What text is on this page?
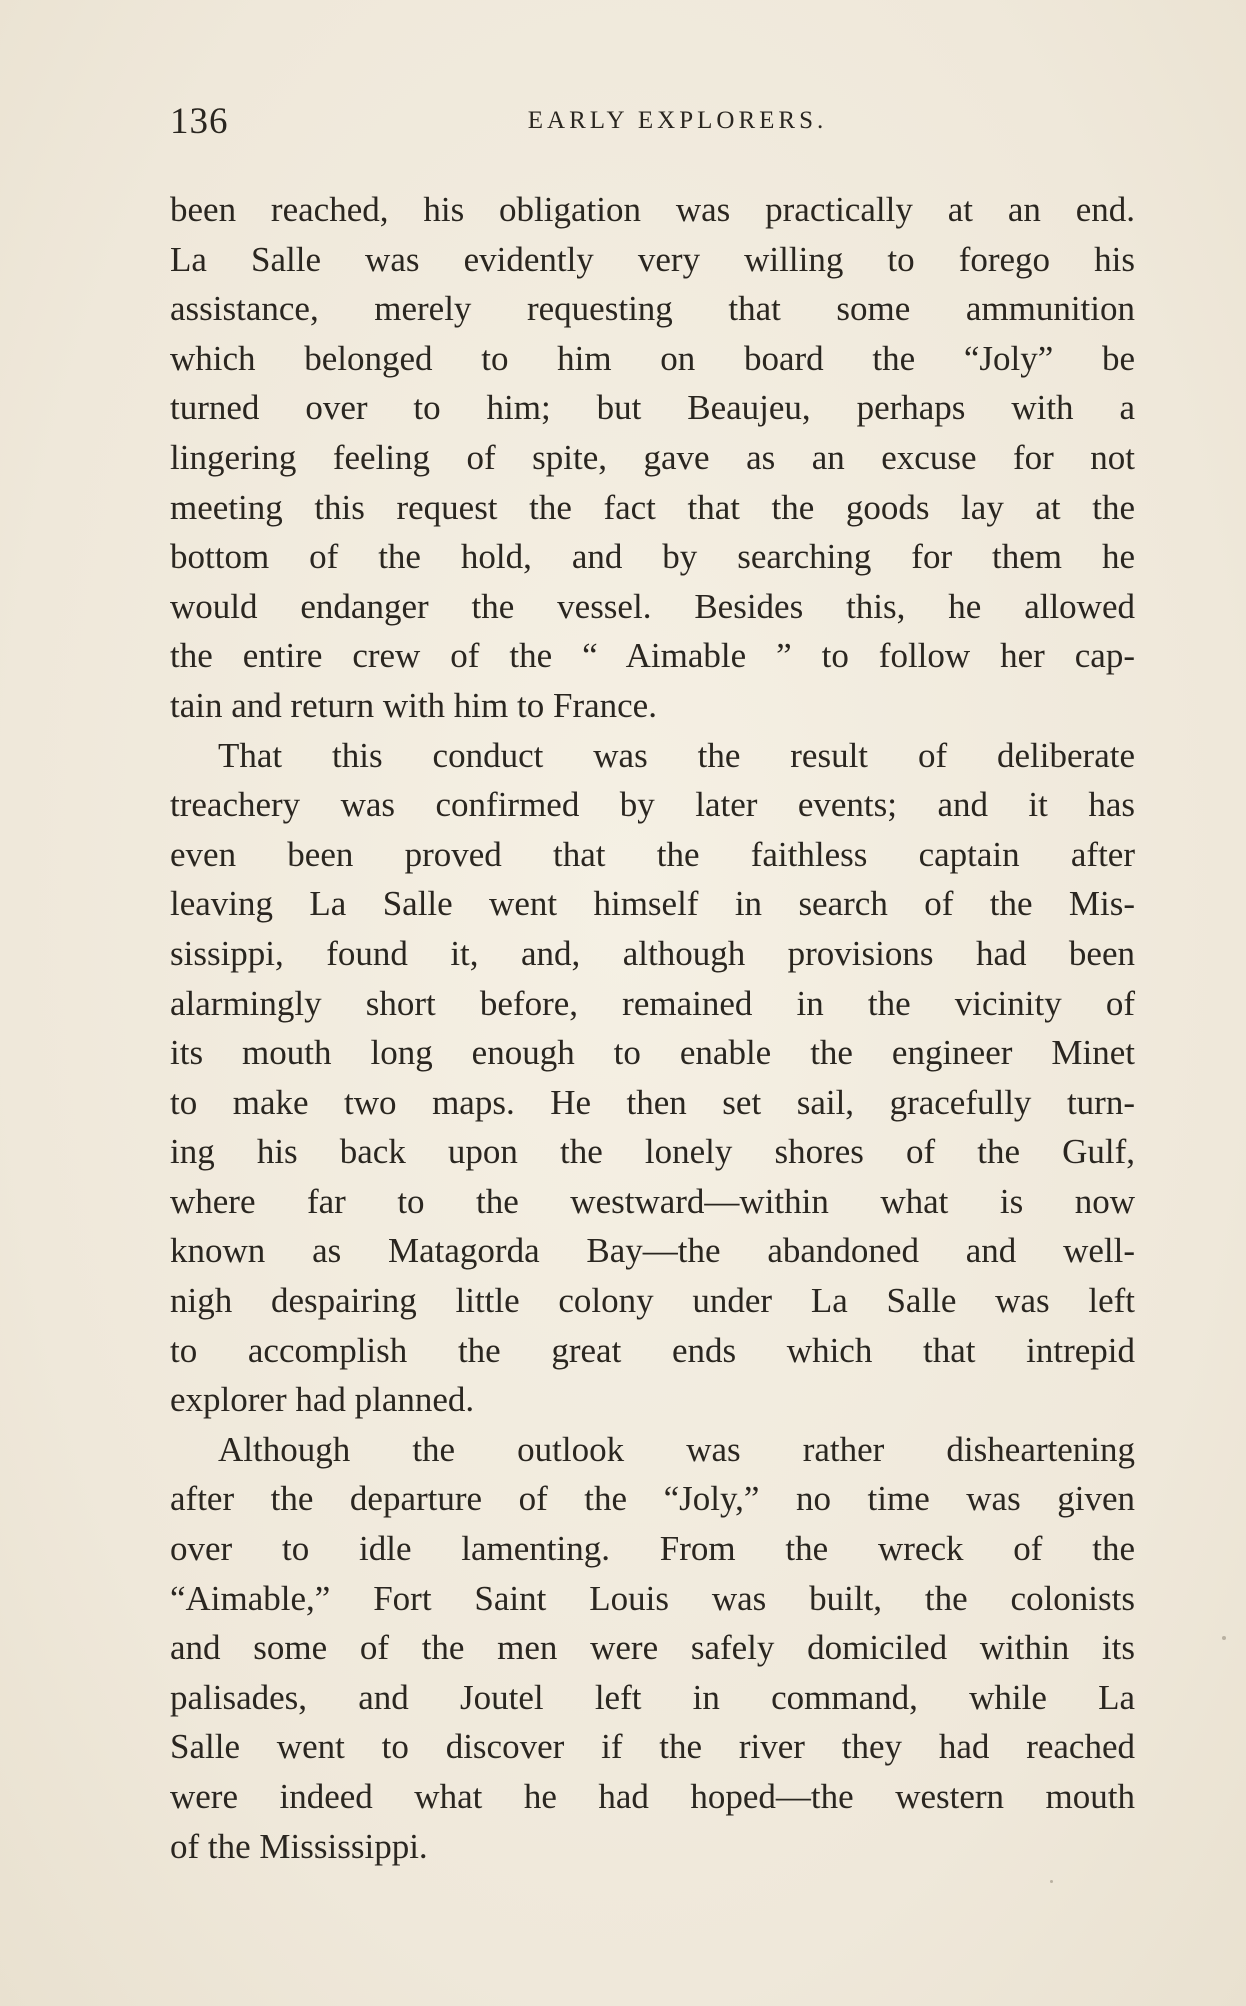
136	EARLY EXPLORERS.
been reached, his obligation was practically at an end.
La Salle was evidently very willing to forego his
assistance, merely requesting that some ammunition
which belonged to him on board the “Joly” be
turned over to him; but Beaujeu, perhaps with a
lingering feeling of spite, gave as an excuse for not
meeting this request the fact that the goods lay at the
bottom of the hold, and by searching for them he
would endanger the vessel. Besides this, he allowed
the entire crew of the “ Aimable ” to follow her cap-
tain and return with him to France.
That this conduct was the result of deliberate
treachery was confirmed by later events; and it has
even been proved that the faithless captain after
leaving La Salle went himself in search of the Mis-
sissippi, found it, and, although provisions had been
alarmingly short before, remained in the vicinity of
its mouth long enough to enable the engineer Minet
to make two maps. He then set sail, gracefully turn-
ing his back upon the lonely shores of the Gulf,
where far to the westward—within what is now
known as Matagorda Bay—the abandoned and well-
nigh despairing little colony under La Salle was left
to accomplish the great ends which that intrepid
explorer had planned.
Although the outlook was rather disheartening
after the departure of the “Joly,” no time was given
over to idle lamenting. From the wreck of the
“Aimable,” Fort Saint Louis was built, the colonists
and some of the men were safely domiciled within its
palisades, and Joutel left in command, while La
Salle went to discover if the river they had reached
were indeed what he had hoped—the western mouth
of the Mississippi.
